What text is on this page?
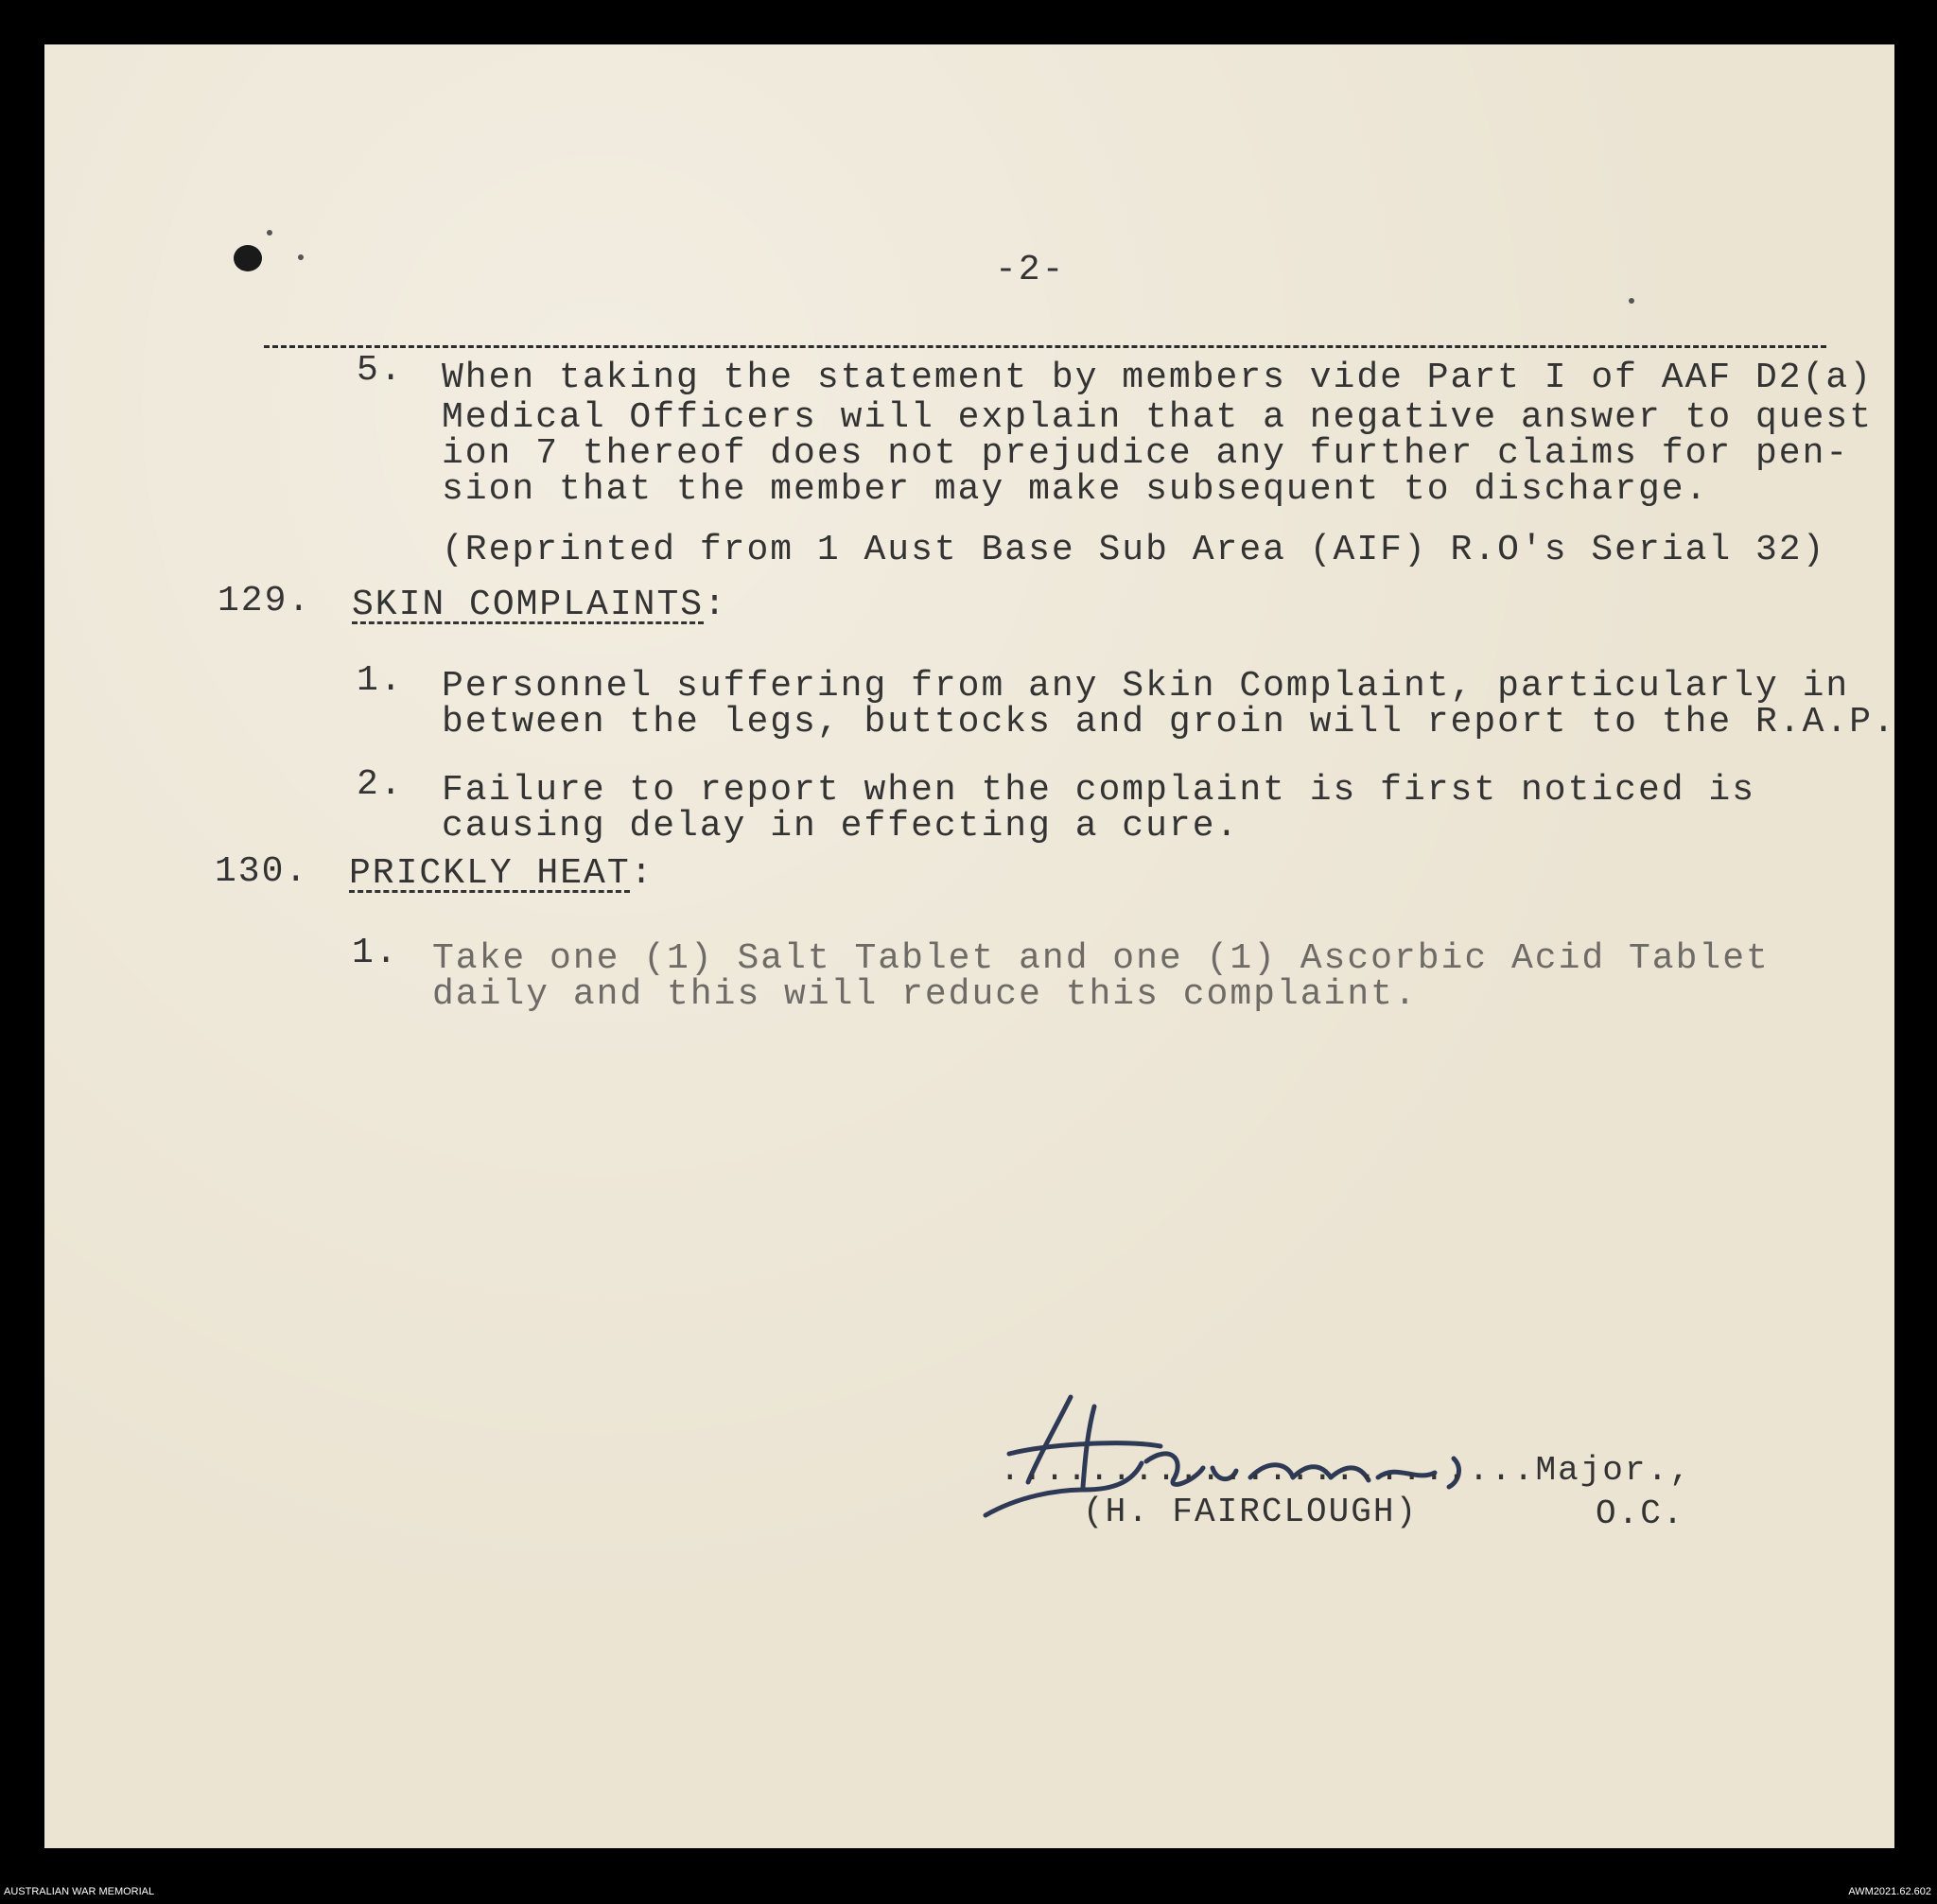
-2-
5. When taking the statement by members vide Part I of AAF D2(a)
Medical Officers will explain that a negative answer to quest
ion 7 thereof does not prejudice any further claims for pen-
sion that the member may make subsequent to discharge.
(Reprinted from 1 Aust Base Sub Area (AIF) R.O's Serial 32)
129. SKIN COMPLAINTS:
1. Personnel suffering from any Skin Complaint, particularly in
between the legs, buttocks and groin will report to the R.A.P.
2. Failure to report when the complaint is first noticed is
causing delay in effecting a cure.
130. PRICKLY HEAT:
1. Take one (1) Salt Tablet and one (1) Ascorbic Acid Tablet
daily and this will reduce this complaint.
........................Major.,
(H. FAIRCLOUGH)	O.C.
AUSTRALIAN WAR MEMORIAL	AWM2021.62.602
